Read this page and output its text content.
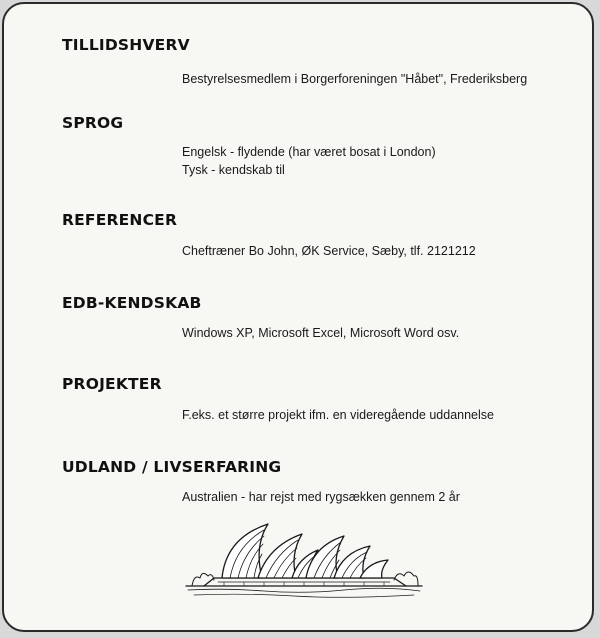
TILLIDSHVERV
Bestyrelsesmedlem i Borgerforeningen "Håbet", Frederiksberg
SPROG
Engelsk - flydende (har været bosat i London)
Tysk - kendskab til
REFERENCER
Cheftræner Bo John, ØK Service, Sæby, tlf. 2121212
EDB-KENDSKAB
Windows XP, Microsoft Excel, Microsoft Word osv.
PROJEKTER
F.eks. et større projekt ifm. en videregående uddannelse
UDLAND / LIVSERFARING
Australien - har rejst med rygsækken gennem 2 år
